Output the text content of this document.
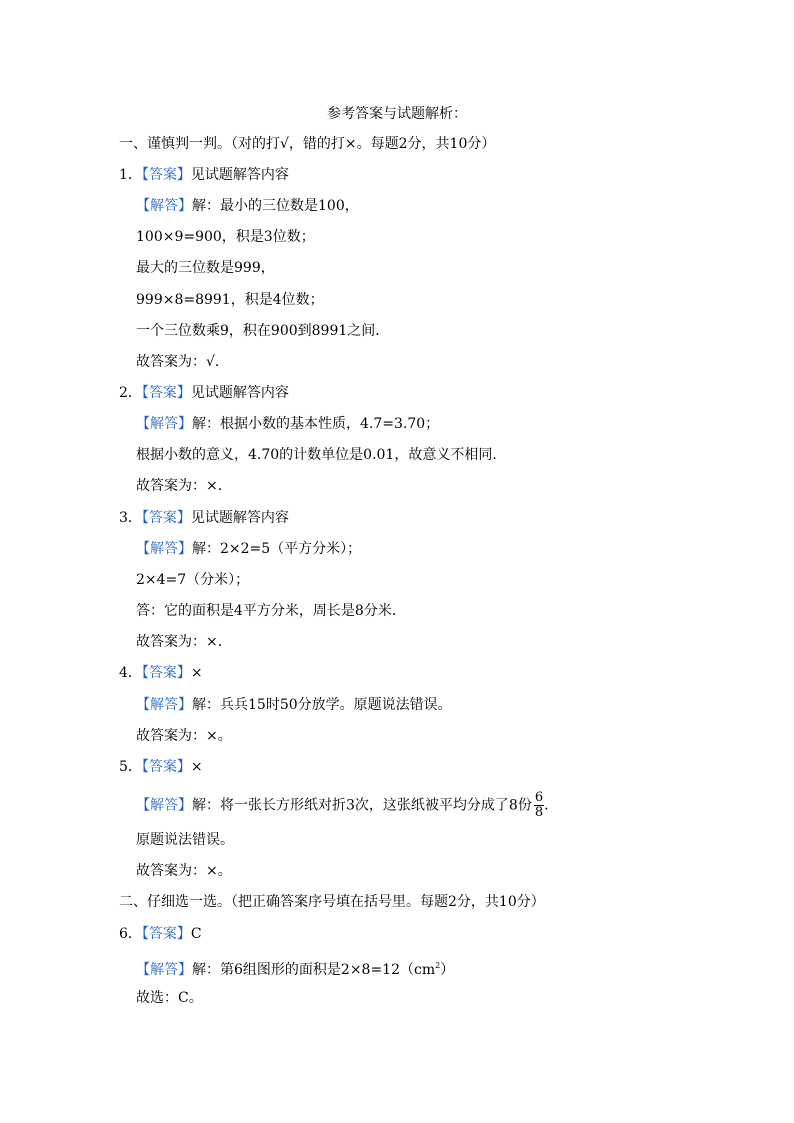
参考答案与试题解析：
一、谨慎判一判。（对的打√，错的打×。每题2分，共10分）
1．【答案】见试题解答内容
【解答】解：最小的三位数是100，
100×9=900，积是3位数；
最大的三位数是999，
999×8=8991，积是4位数；
一个三位数乘9，积在900到8991之间．
故答案为：√．
2．【答案】见试题解答内容
【解答】解：根据小数的基本性质，4.7=3.70；
根据小数的意义，4.70的计数单位是0.01，故意义不相同．
故答案为：×．
3．【答案】见试题解答内容
【解答】解：2×2=5（平方分米）；
2×4=7（分米）；
答：它的面积是4平方分米，周长是8分米．
故答案为：×．
4．【答案】×
【解答】解：兵兵15时50分放学。原题说法错误。
故答案为：×。
5．【答案】×
【解答】解：将一张长方形纸对折3次，这张纸被平均分成了8份 $\frac{6}{8}$ .
原题说法错误。
故答案为：×。
二、仔细选一选。（把正确答案序号填在括号里。每题2分，共10分）
6．【答案】C
【解答】解：第6组图形的面积是$2\times 8=12(cm^2)$
故选：C。
